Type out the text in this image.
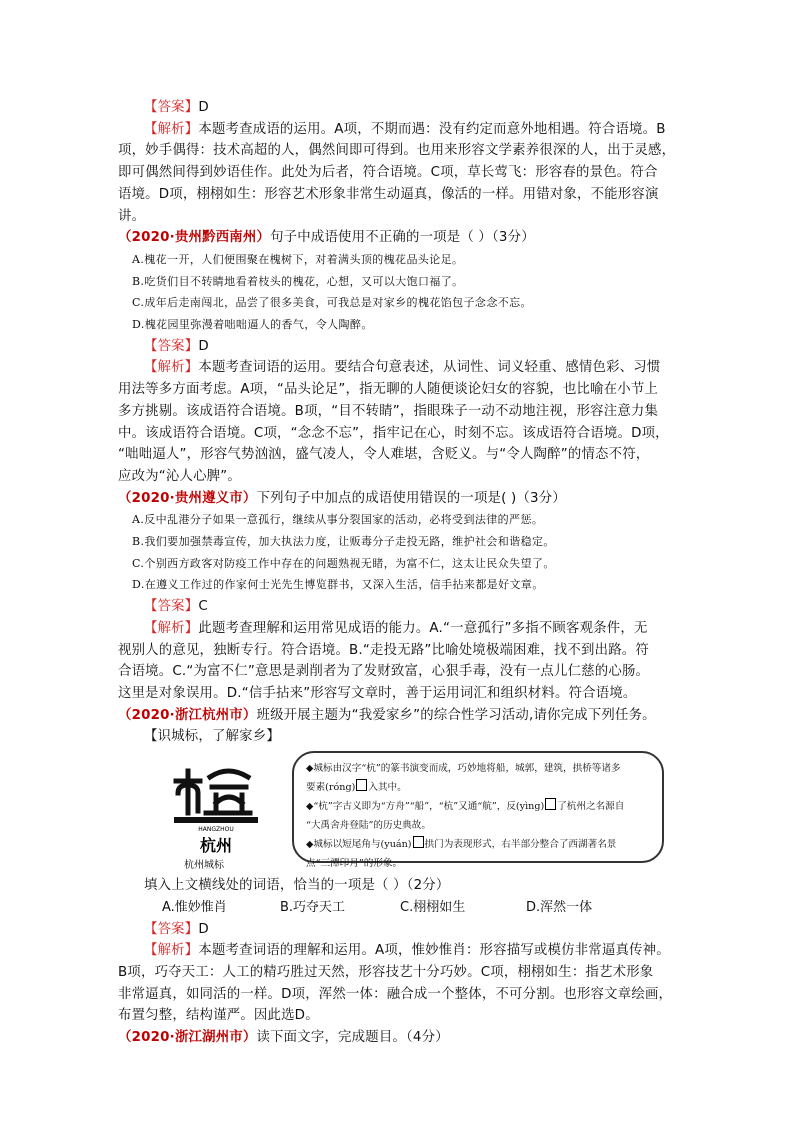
【答案】D
【解析】本题考查成语的运用。A项，不期而遇：没有约定而意外地相遇。符合语境。B
项，妙手偶得：技术高超的人，偶然间即可得到。也用来形容文学素养很深的人，出于灵感，
即可偶然间得到妙语佳作。此处为后者，符合语境。C项，草长莺飞：形容春的景色。符合
语境。D项，栩栩如生：形容艺术形象非常生动逼真，像活的一样。用错对象，不能形容演
讲。
（2020·贵州黔西南州）句子中成语使用不正确的一项是（ ）（3分）
A.槐花一开，人们便围聚在槐树下，对着满头顶的槐花品头论足。
B.吃货们目不转睛地看着枝头的槐花，心想，又可以大饱口福了。
C.成年后走南闯北，品尝了很多美食，可我总是对家乡的槐花馅包子念念不忘。
D.槐花园里弥漫着咄咄逼人的香气，令人陶醉。
【答案】D
【解析】本题考查词语的运用。要结合句意表述，从词性、词义轻重、感情色彩、习惯
用法等多方面考虑。A项，“品头论足”，指无聊的人随便谈论妇女的容貌，也比喻在小节上
多方挑剔。该成语符合语境。B项，“目不转睛”，指眼珠子一动不动地注视，形容注意力集
中。该成语符合语境。C项，“念念不忘”，指牢记在心，时刻不忘。该成语符合语境。D项，
“咄咄逼人”，形容气势汹汹，盛气凌人，令人难堪，含贬义。与“令人陶醉”的情态不符，
应改为“沁人心脾”。
（2020·贵州遵义市）下列句子中加点的成语使用错误的一项是( )（3分）
A.反中乱港分子如果一意孤行，继续从事分裂国家的活动，必将受到法律的严惩。
B.我们要加强禁毒宣传，加大执法力度，让贩毒分子走投无路，维护社会和谐稳定。
C.个别西方政客对防疫工作中存在的问题熟视无睹，为富不仁，这太让民众失望了。
D.在遵义工作过的作家何士光先生博览群书，又深入生活，信手拈来都是好文章。
【答案】C
【解析】此题考查理解和运用常见成语的能力。A.“一意孤行”多指不顾客观条件，无
视别人的意见，独断专行。符合语境。B.“走投无路”比喻处境极端困难，找不到出路。符
合语境。C.“为富不仁”意思是剥削者为了发财致富，心狠手毒，没有一点儿仁慈的心肠。
这里是对象误用。D.“信手拈来”形容写文章时，善于运用词汇和组织材料。符合语境。
（2020·浙江杭州市）班级开展主题为“我爱家乡”的综合性学习活动,请你完成下列任务。
【识城标，了解家乡】
HANGZHOU
杭州
杭州城标
◆城标由汉字“杭”的篆书演变而成，巧妙地将船，城郭，建筑，拱桥等诸多
要素(róng) 入其中。
◆“杭”字古义即为“方舟”“船”，“杭”又通“航”，反(yìng) 了杭州之名源自
“大禹舍舟登陆”的历史典故。
◆城标以短尾角与(yuán) 拱门为表现形式，右半部分整合了西湖著名景
点“三潭印月”的形象。
填入上文横线处的词语，恰当的一项是（ ）（2分）
A.惟妙惟肖	B.巧夺天工	C.栩栩如生	D.浑然一体
【答案】D
【解析】本题考查词语的理解和运用。A项，惟妙惟肖：形容描写或模仿非常逼真传神。
B项，巧夺天工：人工的精巧胜过天然，形容技艺十分巧妙。C项，栩栩如生：指艺术形象
非常逼真，如同活的一样。D项，浑然一体：融合成一个整体，不可分割。也形容文章绘画，
布置匀整，结构谨严。因此选D。
（2020·浙江湖州市）读下面文字，完成题目。（4分）
